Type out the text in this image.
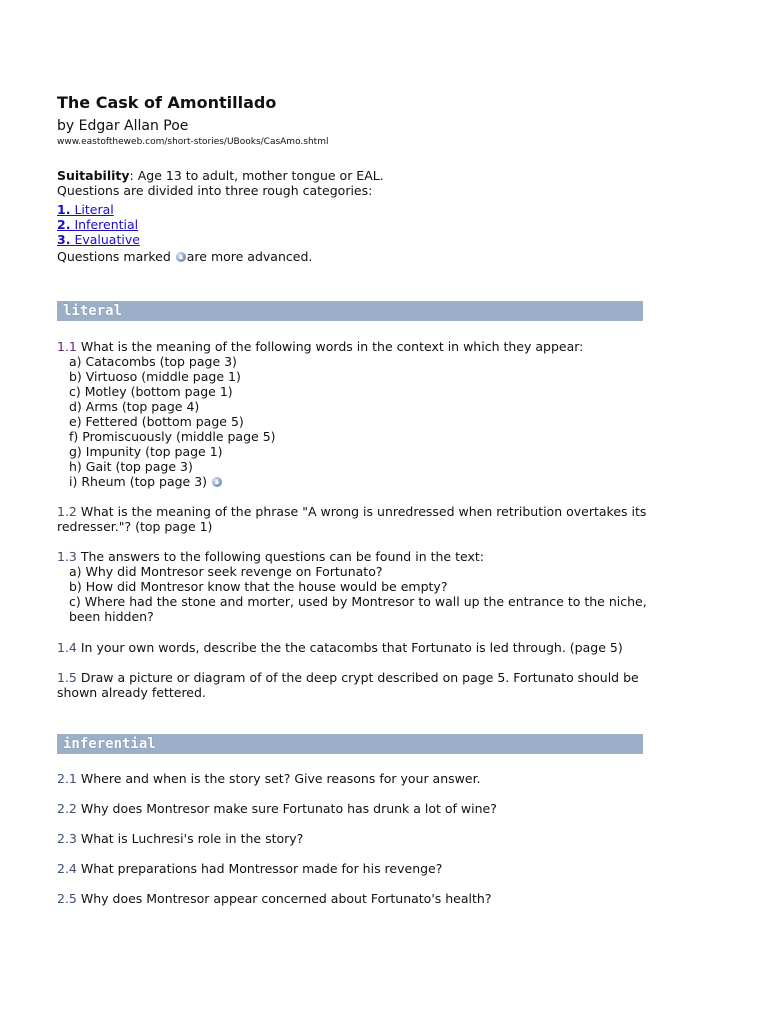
The Cask of Amontillado
by Edgar Allan Poe
www.eastoftheweb.com/short-stories/UBooks/CasAmo.shtml
Suitability: Age 13 to adult, mother tongue or EAL.
Questions are divided into three rough categories:
1. Literal
2. Inferential
3. Evaluative
Questions marked are more advanced.
literal
1.1 What is the meaning of the following words in the context in which they appear:
a) Catacombs (top page 3)
b) Virtuoso (middle page 1)
c) Motley (bottom page 1)
d) Arms (top page 4)
e) Fettered (bottom page 5)
f) Promiscuously (middle page 5)
g) Impunity (top page 1)
h) Gait (top page 3)
i) Rheum (top page 3)
1.2 What is the meaning of the phrase "A wrong is unredressed when retribution overtakes its redresser."? (top page 1)
1.3 The answers to the following questions can be found in the text:
a) Why did Montresor seek revenge on Fortunato?
b) How did Montresor know that the house would be empty?
c) Where had the stone and morter, used by Montresor to wall up the entrance to the niche, been hidden?
1.4 In your own words, describe the the catacombs that Fortunato is led through. (page 5)
1.5 Draw a picture or diagram of of the deep crypt described on page 5. Fortunato should be shown already fettered.
inferential
2.1 Where and when is the story set? Give reasons for your answer.
2.2 Why does Montresor make sure Fortunato has drunk a lot of wine?
2.3 What is Luchresi's role in the story?
2.4 What preparations had Montressor made for his revenge?
2.5 Why does Montresor appear concerned about Fortunato's health?
